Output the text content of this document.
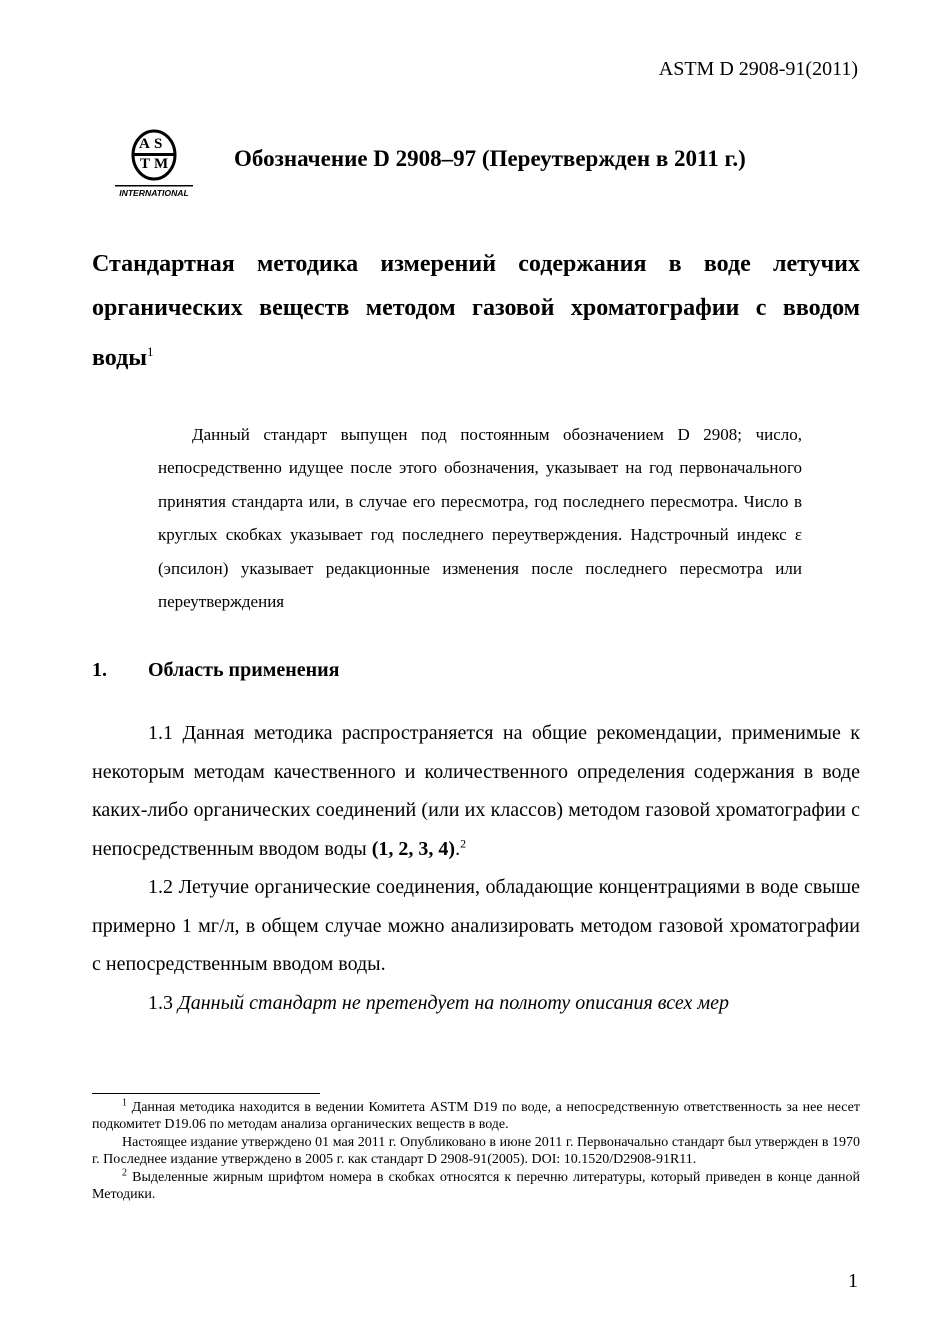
ASTM D 2908-91(2011)
A S
T M
INTERNATIONAL
Обозначение D 2908–97 (Переутвержден в 2011 г.)
Стандартная методика измерений содержания в воде летучих органических веществ методом газовой хроматографии с вводом воды$^1$
Данный стандарт выпущен под постоянным обозначением D 2908; число, непосредственно идущее после этого обозначения, указывает на год первоначального принятия стандарта или, в случае его пересмотра, год последнего пересмотра. Число в круглых скобках указывает год последнего переутверждения. Надстрочный индекс ε (эпсилон) указывает редакционные изменения после последнего пересмотра или переутверждения
1. Область применения

1.1 Данная методика распространяется на общие рекомендации, применимые к некоторым методам качественного и количественного определения содержания в воде каких-либо органических соединений (или их классов) методом газовой хроматографии с непосредственным вводом воды (1, 2, 3, 4).$^2$

1.2 Летучие органические соединения, обладающие концентрациями в воде свыше примерно 1 мг/л, в общем случае можно анализировать методом газовой хроматографии с непосредственным вводом воды.

1.3 Данный стандарт не претендует на полноту описания всех мер

$^1$ Данная методика находится в ведении Комитета ASTM D19 по воде, а непосредственную ответственность за нее несет подкомитет D19.06 по методам анализа органических веществ в воде.

Настоящее издание утверждено 01 мая 2011 г. Опубликовано в июне 2011 г. Первоначально стандарт был утвержден в 1970 г. Последнее издание утверждено в 2005 г. как стандарт D 2908-91(2005). DOI: 10.1520/D2908-91R11.

$^2$ Выделенные жирным шрифтом номера в скобках относятся к перечню литературы, который приведен в конце данной Методики.

1
